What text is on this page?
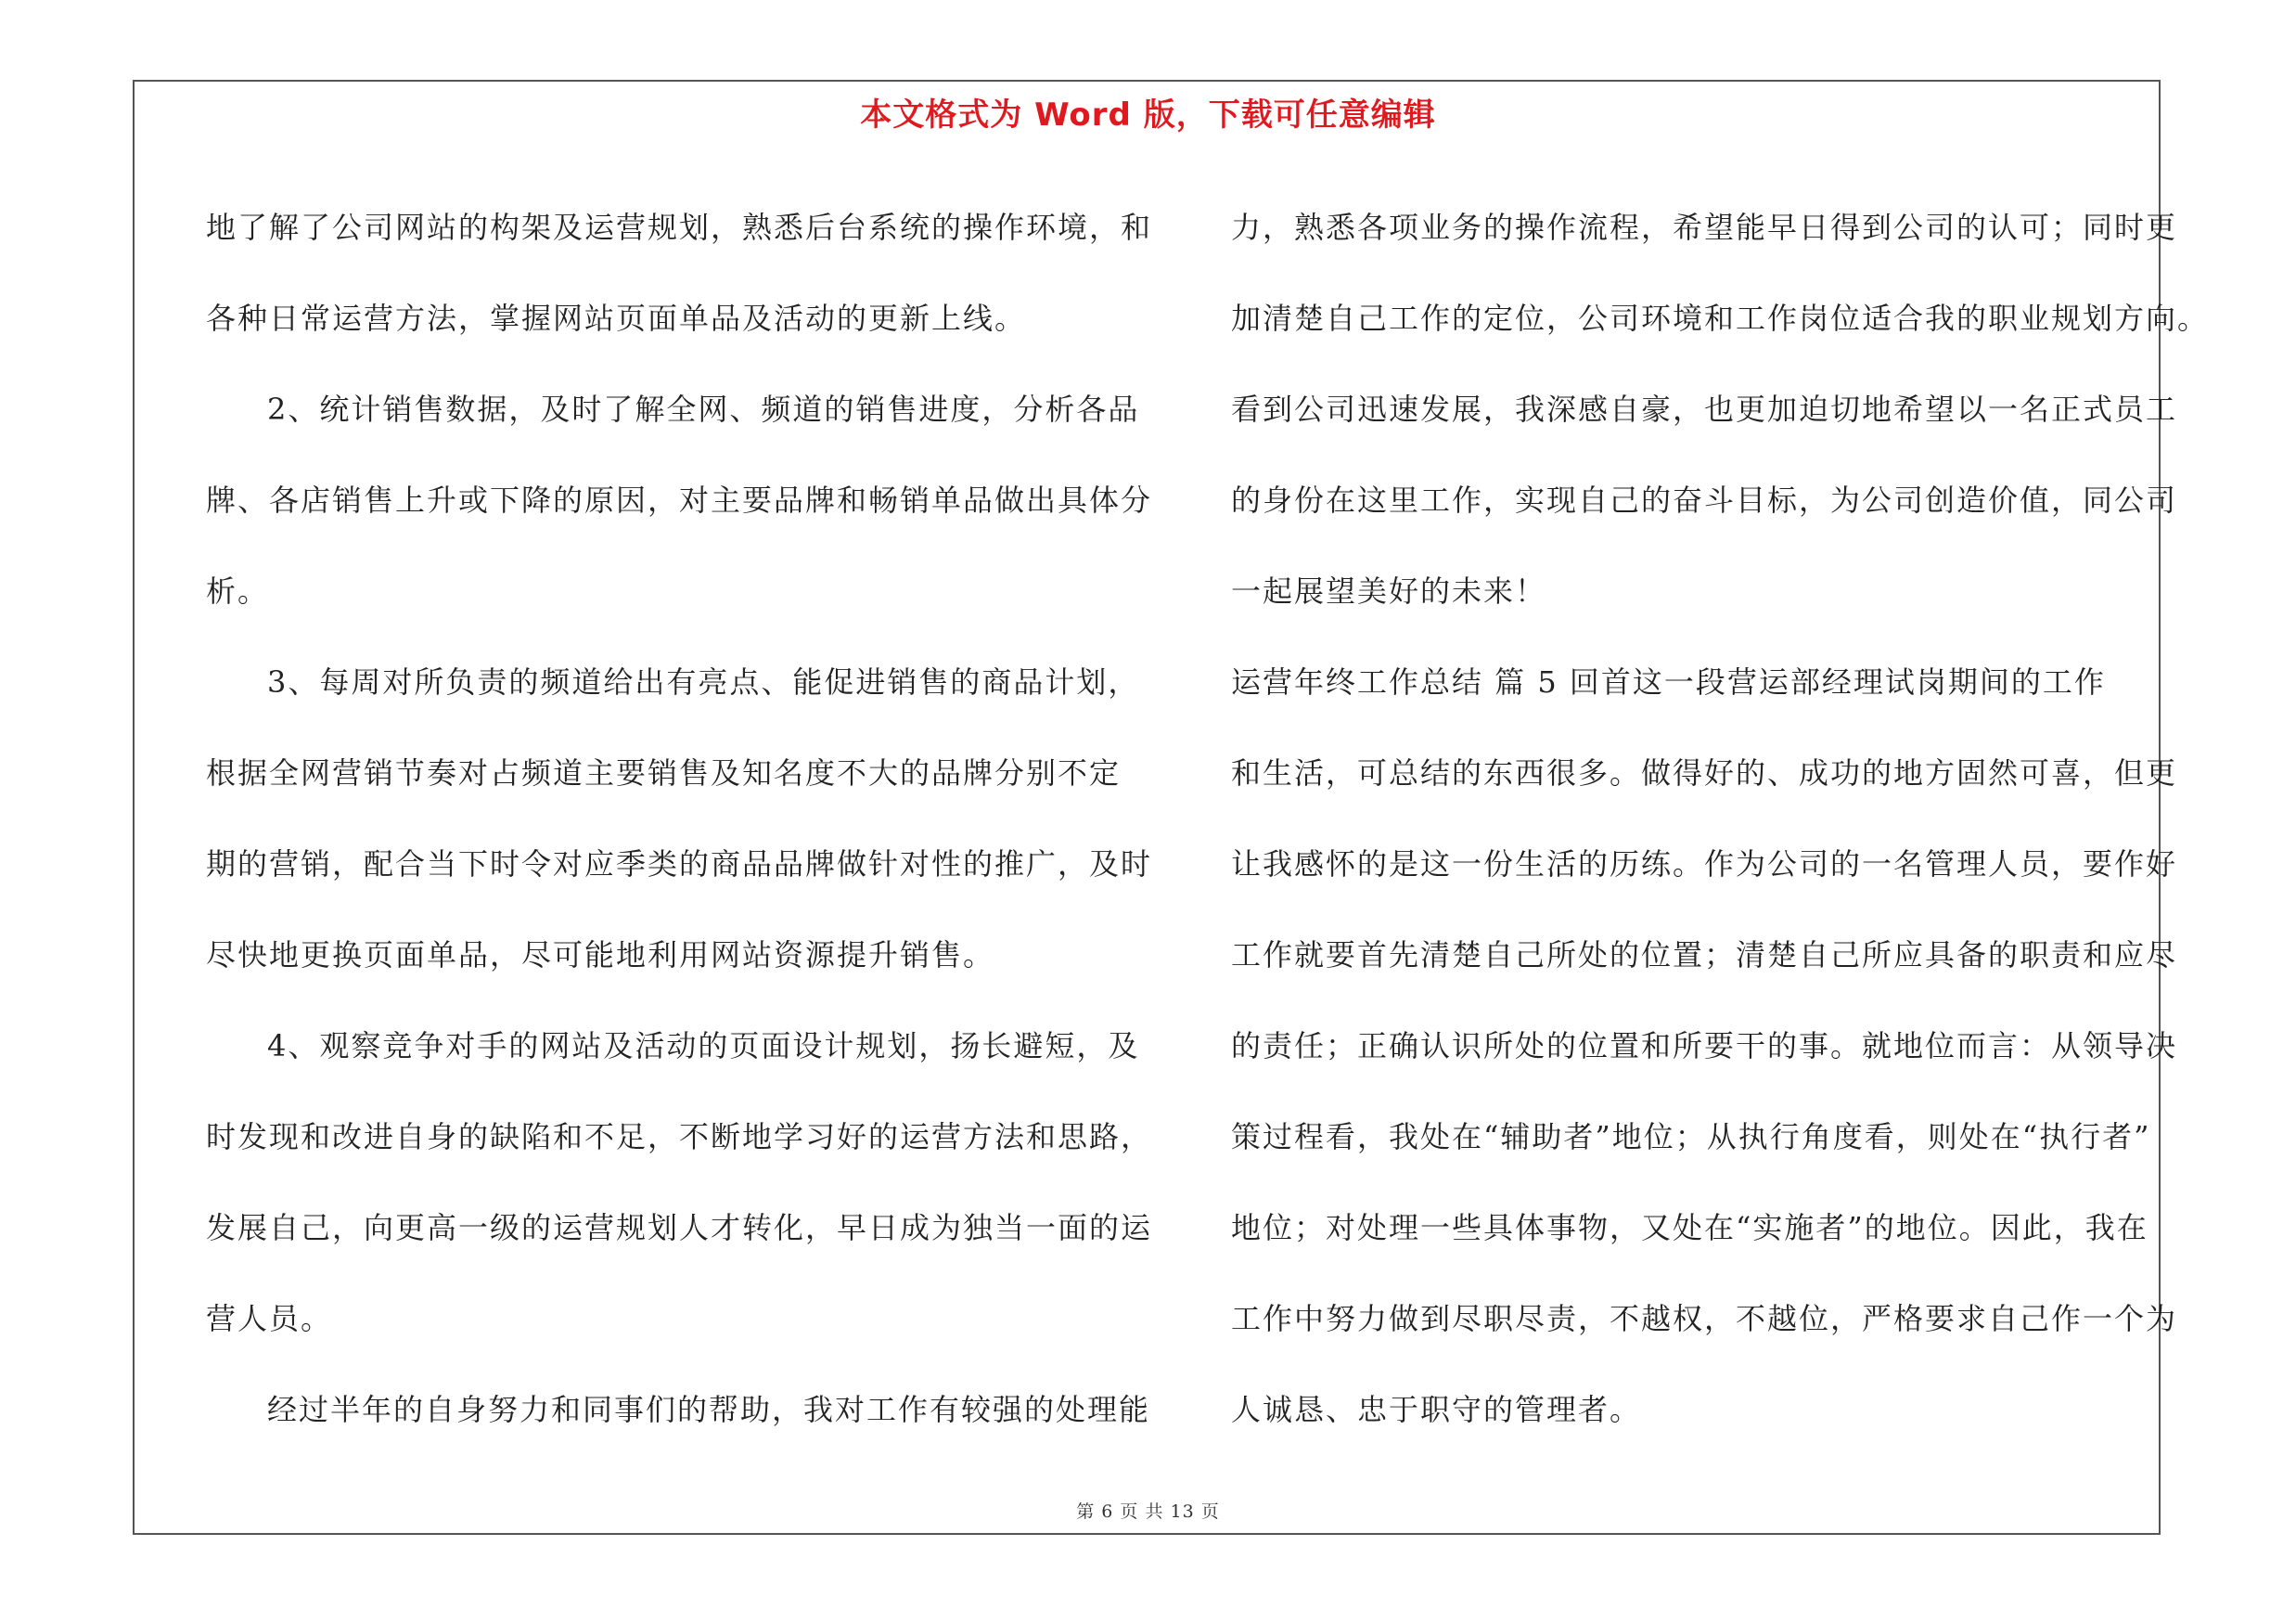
本文格式为 Word 版，下载可任意编辑
地了解了公司网站的构架及运营规划，熟悉后台系统的操作环境，和
各种日常运营方法，掌握网站页面单品及活动的更新上线。
2、统计销售数据，及时了解全网、频道的销售进度，分析各品
牌、各店销售上升或下降的原因，对主要品牌和畅销单品做出具体分
析。
3、每周对所负责的频道给出有亮点、能促进销售的商品计划，
根据全网营销节奏对占频道主要销售及知名度不大的品牌分别不定
期的营销，配合当下时令对应季类的商品品牌做针对性的推广，及时
尽快地更换页面单品，尽可能地利用网站资源提升销售。
4、观察竞争对手的网站及活动的页面设计规划，扬长避短，及
时发现和改进自身的缺陷和不足，不断地学习好的运营方法和思路，
发展自己，向更高一级的运营规划人才转化，早日成为独当一面的运
营人员。
经过半年的自身努力和同事们的帮助，我对工作有较强的处理能
力，熟悉各项业务的操作流程，希望能早日得到公司的认可；同时更
加清楚自己工作的定位，公司环境和工作岗位适合我的职业规划方向。
看到公司迅速发展，我深感自豪，也更加迫切地希望以一名正式员工
的身份在这里工作，实现自己的奋斗目标，为公司创造价值，同公司
一起展望美好的未来！
运营年终工作总结 篇 5 回首这一段营运部经理试岗期间的工作
和生活，可总结的东西很多。做得好的、成功的地方固然可喜，但更
让我感怀的是这一份生活的历练。作为公司的一名管理人员，要作好
工作就要首先清楚自己所处的位置；清楚自己所应具备的职责和应尽
的责任；正确认识所处的位置和所要干的事。就地位而言：从领导决
策过程看，我处在“辅助者”地位；从执行角度看，则处在“执行者”
地位；对处理一些具体事物，又处在“实施者”的地位。因此，我在
工作中努力做到尽职尽责，不越权，不越位，严格要求自己作一个为
人诚恳、忠于职守的管理者。
第 6 页 共 13 页
